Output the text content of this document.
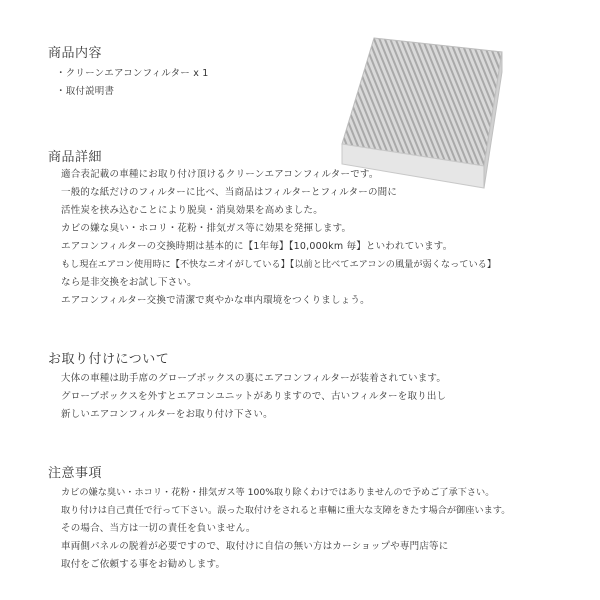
商品内容
・クリーンエアコンフィルター x 1
・取付説明書
商品詳細
適合表記載の車種にお取り付け頂けるクリーンエアコンフィルターです。
一般的な紙だけのフィルターに比べ、当商品はフィルターとフィルターの間に
活性炭を挟み込むことにより脱臭・消臭効果を高めました。
カビの嫌な臭い・ホコリ・花粉・排気ガス等に効果を発揮します。
エアコンフィルターの交換時期は基本的に【1年毎】【10,000km 毎】といわれています。
もし現在エアコン使用時に【不快なニオイがしている】【以前と比べてエアコンの風量が弱くなっている】
なら是非交換をお試し下さい。
エアコンフィルター交換で清潔で爽やかな車内環境をつくりましょう。
お取り付けについて
大体の車種は助手席のグローブボックスの裏にエアコンフィルターが装着されています。
グローブボックスを外すとエアコンユニットがありますので、古いフィルターを取り出し
新しいエアコンフィルターをお取り付け下さい。
注意事項
カビの嫌な臭い・ホコリ・花粉・排気ガス等 100%取り除くわけではありませんので予めご了承下さい。
取り付けは自己責任で行って下さい。誤った取付けをされると車輛に重大な支障をきたす場合が御座います。
その場合、当方は一切の責任を負いません。
車両側パネルの脱着が必要ですので、取付けに自信の無い方はカーショップや専門店等に
取付をご依頼する事をお勧めします。
